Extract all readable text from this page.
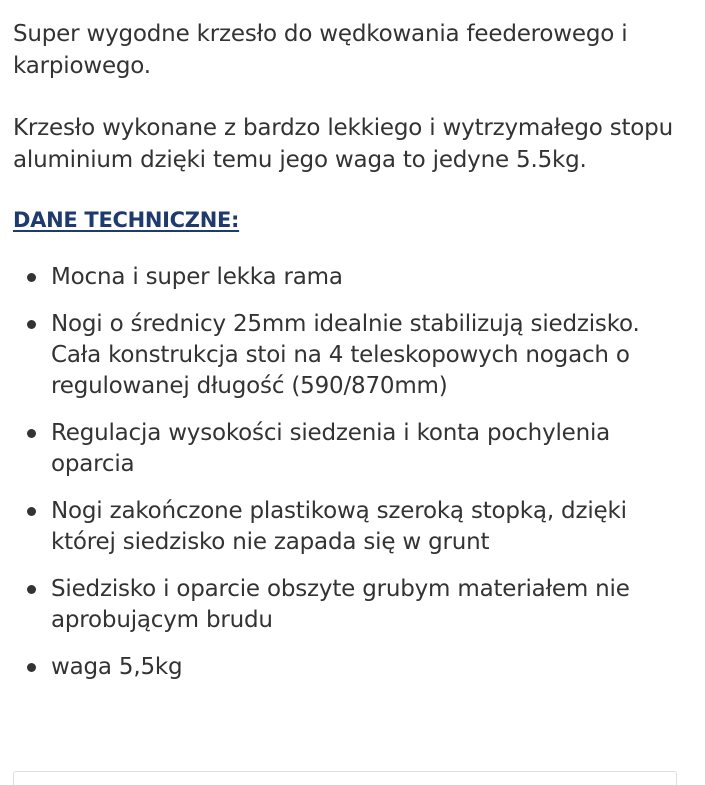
Super wygodne krzesło do wędkowania feederowego i karpiowego.

Krzesło wykonane z bardzo lekkiego i wytrzymałego stopu aluminium dzięki temu jego waga to jedyne 5.5kg.

DANE TECHNICZNE:
Mocna i super lekka rama
Nogi o średnicy 25mm idealnie stabilizują siedzisko. Cała konstrukcja stoi na 4 teleskopowych nogach o regulowanej długość (590/870mm)
Regulacja wysokości siedzenia i konta pochylenia oparcia
Nogi zakończone plastikową szeroką stopką, dzięki której siedzisko nie zapada się w grunt
Siedzisko i oparcie obszyte grubym materiałem nie aprobującym brudu
waga 5,5kg
